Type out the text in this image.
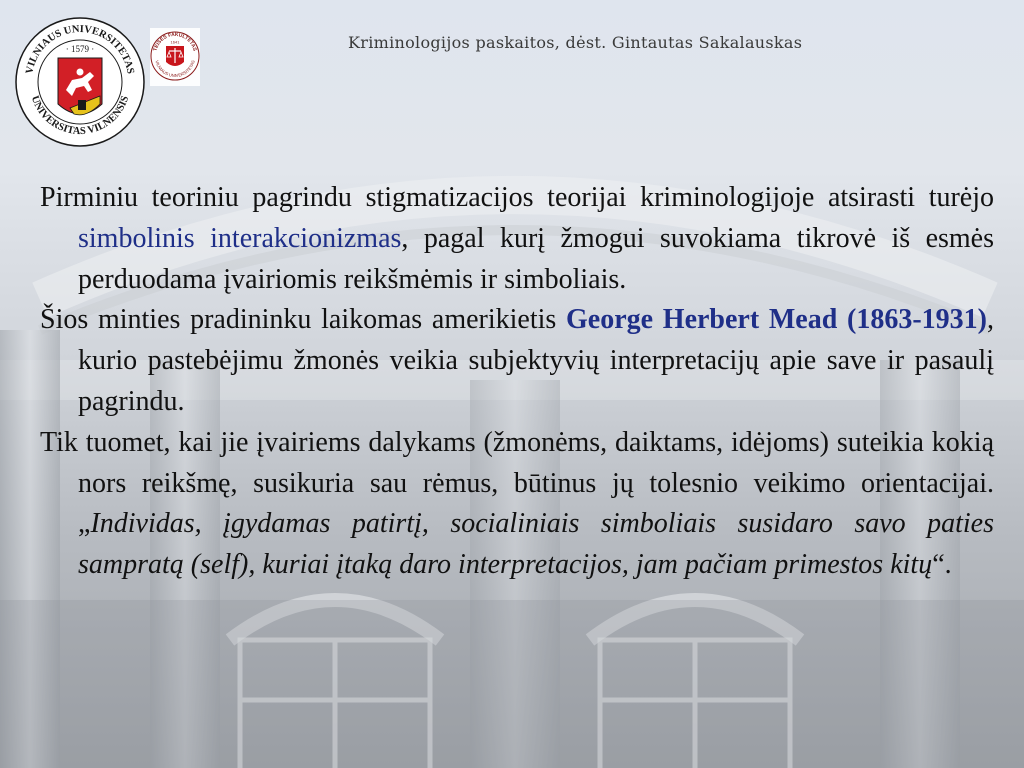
VILNIAUS UNIVERSITETAS
UNIVERSITAS VILNENSIS
· 1579 ·	TEISĖS FAKULTETAS
VILNIAUS UNIVERSITETAS
1641	Kriminologijos paskaitos, dėst. Gintautas Sakalauskas

Pirminiu teoriniu pagrindu stigmatizacijos teorijai kriminologijoje atsirasti turėjo simbolinis interakcionizmas, pagal kurį žmogui suvokiama tikrovė iš esmės perduodama įvairiomis reikšmėmis ir simboliais.

Šios minties pradininku laikomas amerikietis George Herbert Mead (1863-1931), kurio pastebėjimu žmonės veikia subjektyvių interpretacijų apie save ir pasaulį pagrindu.

Tik tuomet, kai jie įvairiems dalykams (žmonėms, daiktams, idėjoms) suteikia kokią nors reikšmę, susikuria sau rėmus, būtinus jų tolesnio veikimo orientacijai. „Individas, įgydamas patirtį, socialiniais simboliais susidaro savo paties sampratą (self), kuriai įtaką daro interpretacijos, jam pačiam primestos kitų“.
